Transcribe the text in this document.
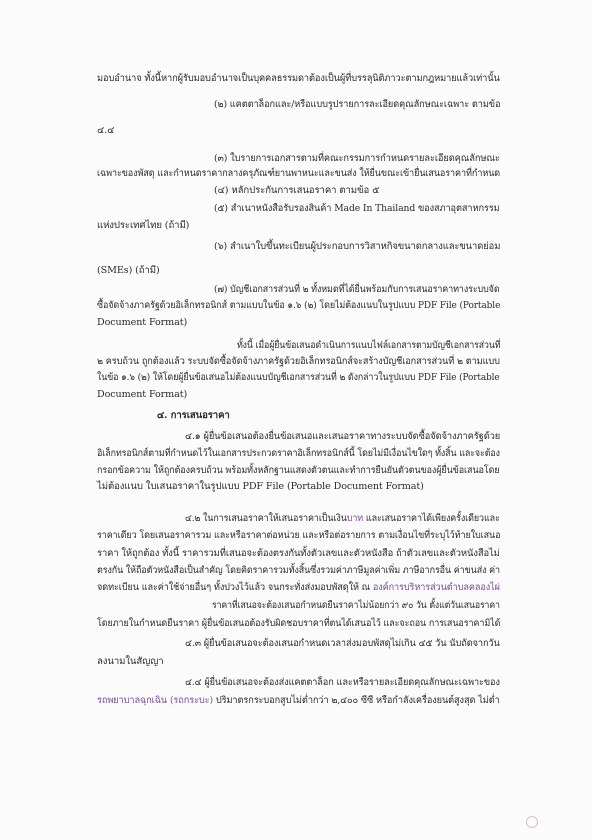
มอบอำนาจ ทั้งนี้หากผู้รับมอบอำนาจเป็นบุคคลธรรมดาต้องเป็นผู้ที่บรรลุนิติภาวะตามกฎหมายแล้วเท่านั้น
(๒) แคตตาล็อกและ/หรือแบบรูปรายการละเอียดคุณลักษณะเฉพาะ ตามข้อ
๔.๔
(๓) ใบรายการเอกสารตามที่คณะกรรมการกำหนดรายละเอียดคุณลักษณะ
เฉพาะของพัสดุ และกำหนดราคากลางครุภัณฑ์ยานพาหนะและขนส่ง ให้ยื่นขณะเข้ายื่นเสนอราคาที่กำหนด
(๔) หลักประกันการเสนอราคา ตามข้อ ๕
(๕) สำเนาหนังสือรับรองสินค้า Made In Thailand ของสภาอุตสาหกรรม
แห่งประเทศไทย (ถ้ามี)
(๖) สำเนาใบขึ้นทะเบียนผู้ประกอบการวิสาหกิจขนาดกลางและขนาดย่อม
(SMEs) (ถ้ามี)
(๗) บัญชีเอกสารส่วนที่ ๒ ทั้งหมดที่ได้ยื่นพร้อมกับการเสนอราคาทางระบบจัด
ซื้อจัดจ้างภาครัฐด้วยอิเล็กทรอนิกส์ ตามแบบในข้อ ๑.๖ (๒) โดยไม่ต้องแนบในรูปแบบ PDF File (Portable
Document Format)
ทั้งนี้ เมื่อผู้ยื่นข้อเสนอดำเนินการแนบไฟล์เอกสารตามบัญชีเอกสารส่วนที่
๒ ครบถ้วน ถูกต้องแล้ว ระบบจัดซื้อจัดจ้างภาครัฐด้วยอิเล็กทรอนิกส์จะสร้างบัญชีเอกสารส่วนที่ ๒ ตามแบบ
ในข้อ ๑.๖ (๒) ให้โดยผู้ยื่นข้อเสนอไม่ต้องแนบบัญชีเอกสารส่วนที่ ๒ ดังกล่าวในรูปแบบ PDF File (Portable
Document Format)
๔. การเสนอราคา
๔.๑ ผู้ยื่นข้อเสนอต้องยื่นข้อเสนอและเสนอราคาทางระบบจัดซื้อจัดจ้างภาครัฐด้วย
อิเล็กทรอนิกส์ตามที่กำหนดไว้ในเอกสารประกวดราคาอิเล็กทรอนิกส์นี้ โดยไม่มีเงื่อนไขใดๆ ทั้งสิ้น และจะต้อง
กรอกข้อความ ให้ถูกต้องครบถ้วน พร้อมทั้งหลักฐานแสดงตัวตนและทำการยืนยันตัวตนของผู้ยื่นข้อเสนอโดย
ไม่ต้องแนบ ใบเสนอราคาในรูปแบบ PDF File (Portable Document Format)
๔.๒ ในการเสนอราคาให้เสนอราคาเป็นเงินบาท และเสนอราคาได้เพียงครั้งเดียวและ
ราคาเดียว โดยเสนอราคารวม และหรือราคาต่อหน่วย และหรือต่อรายการ ตามเงื่อนไขที่ระบุไว้ท้ายใบเสนอ
ราคา ให้ถูกต้อง ทั้งนี้ ราคารวมที่เสนอจะต้องตรงกันทั้งตัวเลขและตัวหนังสือ ถ้าตัวเลขและตัวหนังสือไม่
ตรงกัน ให้ถือตัวหนังสือเป็นสำคัญ โดยคิดราคารวมทั้งสิ้นซึ่งรวมค่าภาษีมูลค่าเพิ่ม ภาษีอากรอื่น ค่าขนส่ง ค่า
จดทะเบียน และค่าใช้จ่ายอื่นๆ ทั้งปวงไว้แล้ว จนกระทั่งส่งมอบพัสดุให้ ณ องค์การบริหารส่วนตำบลคลองไผ่
ราคาที่เสนอจะต้องเสนอกำหนดยืนราคาไม่น้อยกว่า ๙๐ วัน ตั้งแต่วันเสนอราคา
โดยภายในกำหนดยืนราคา ผู้ยื่นข้อเสนอต้องรับผิดชอบราคาที่ตนได้เสนอไว้ และจะถอน การเสนอราคามิได้
๔.๓ ผู้ยื่นข้อเสนอจะต้องเสนอกำหนดเวลาส่งมอบพัสดุไม่เกิน ๔๕ วัน นับถัดจากวัน
ลงนามในสัญญา
๔.๔ ผู้ยื่นข้อเสนอจะต้องส่งแคตตาล็อก และหรือรายละเอียดคุณลักษณะเฉพาะของ
รถพยาบาลฉุกเฉิน (รถกระบะ) ปริมาตรกระบอกสูบไม่ต่ำกว่า ๒,๔๐๐ ซีซี หรือกำลังเครื่องยนต์สูงสุด ไม่ต่ำ
